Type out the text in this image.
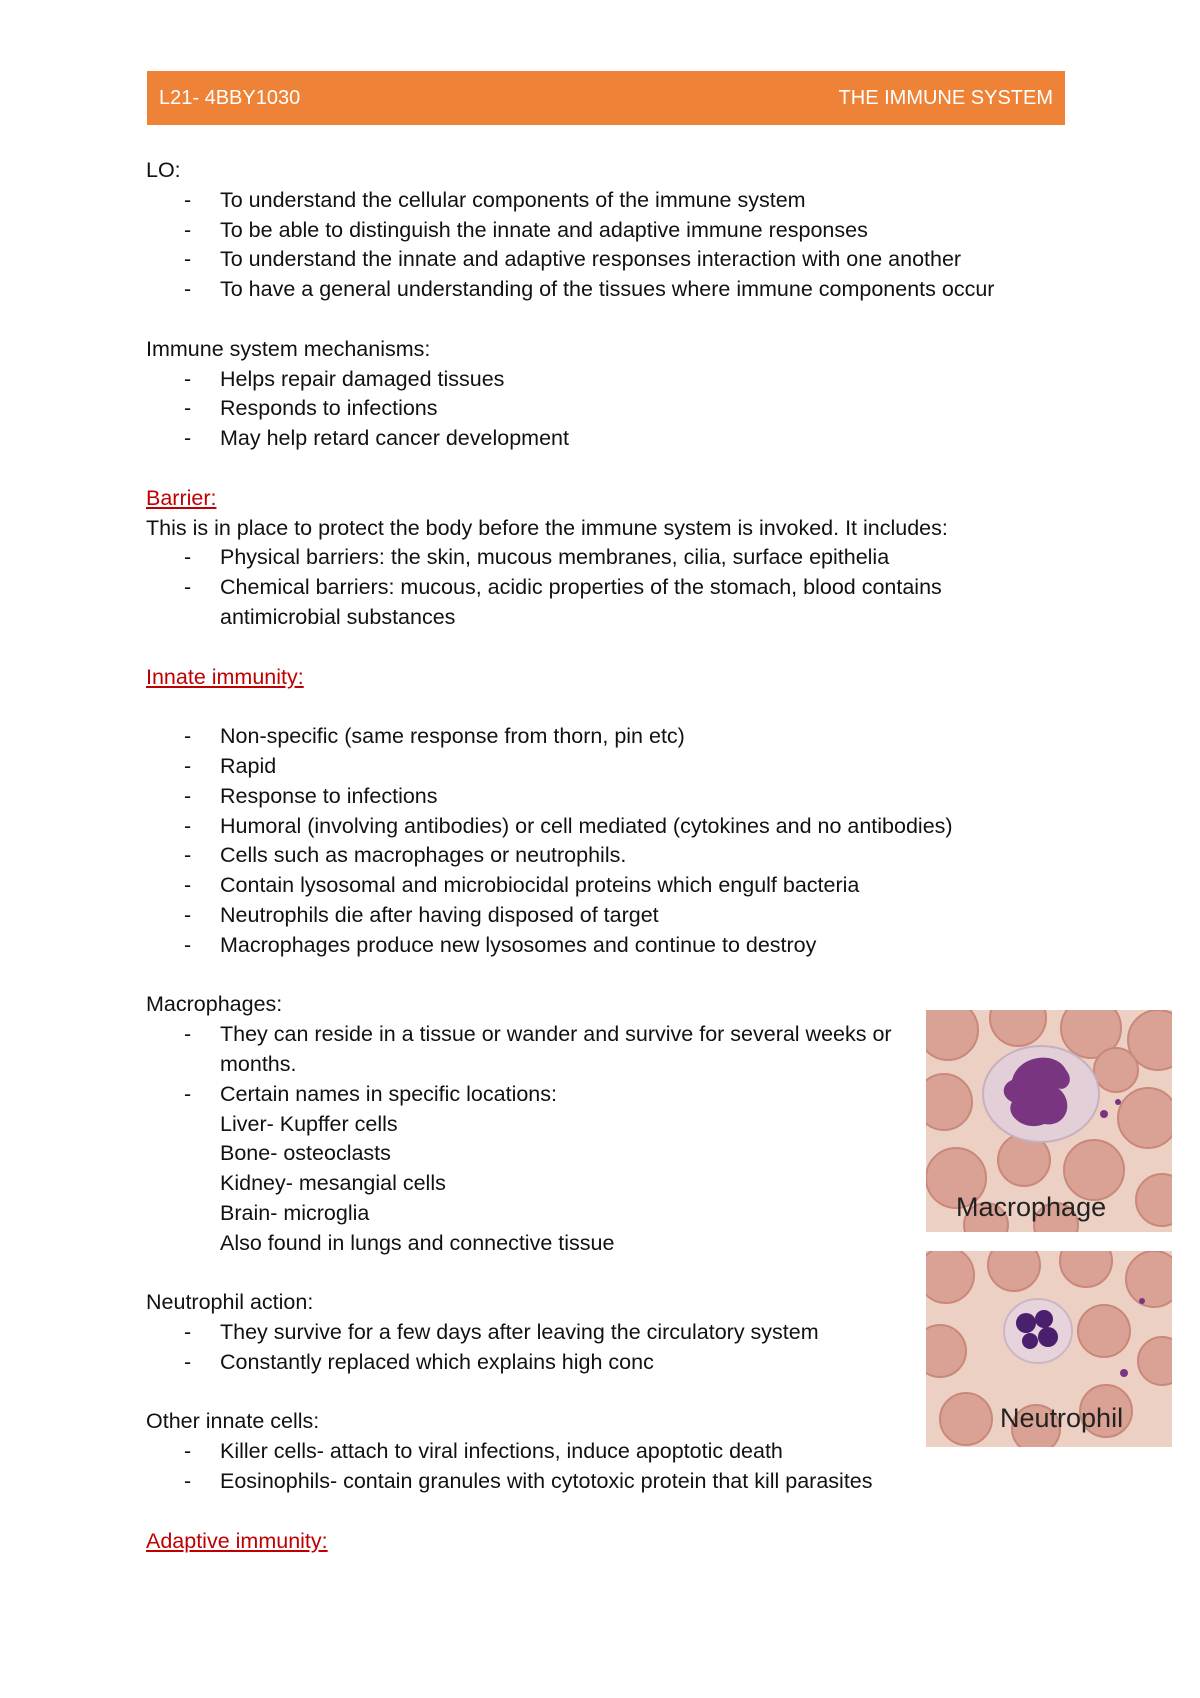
L21- 4BBY1030	THE IMMUNE SYSTEM
LO:
- To understand the cellular components of the immune system
- To be able to distinguish the innate and adaptive immune responses
- To understand the innate and adaptive responses interaction with one another
- To have a general understanding of the tissues where immune components occur
Immune system mechanisms:
- Helps repair damaged tissues
- Responds to infections
- May help retard cancer development
Barrier:
This is in place to protect the body before the immune system is invoked. It includes:
- Physical barriers: the skin, mucous membranes, cilia, surface epithelia
- Chemical barriers: mucous, acidic properties of the stomach, blood contains
antimicrobial substances
Innate immunity:
- Non-specific (same response from thorn, pin etc)
- Rapid
- Response to infections
- Humoral (involving antibodies) or cell mediated (cytokines and no antibodies)
- Cells such as macrophages or neutrophils.
- Contain lysosomal and microbiocidal proteins which engulf bacteria
- Neutrophils die after having disposed of target
- Macrophages produce new lysosomes and continue to destroy
Macrophages:
- They can reside in a tissue or wander and survive for several weeks or
months.
- Certain names in specific locations:
Liver- Kupffer cells
Bone- osteoclasts
Kidney- mesangial cells
Brain- microglia
Also found in lungs and connective tissue
Neutrophil action:
- They survive for a few days after leaving the circulatory system
- Constantly replaced which explains high conc
Other innate cells:
- Killer cells- attach to viral infections, induce apoptotic death
- Eosinophils- contain granules with cytotoxic protein that kill parasites
Adaptive immunity:
Macrophage
Neutrophil
